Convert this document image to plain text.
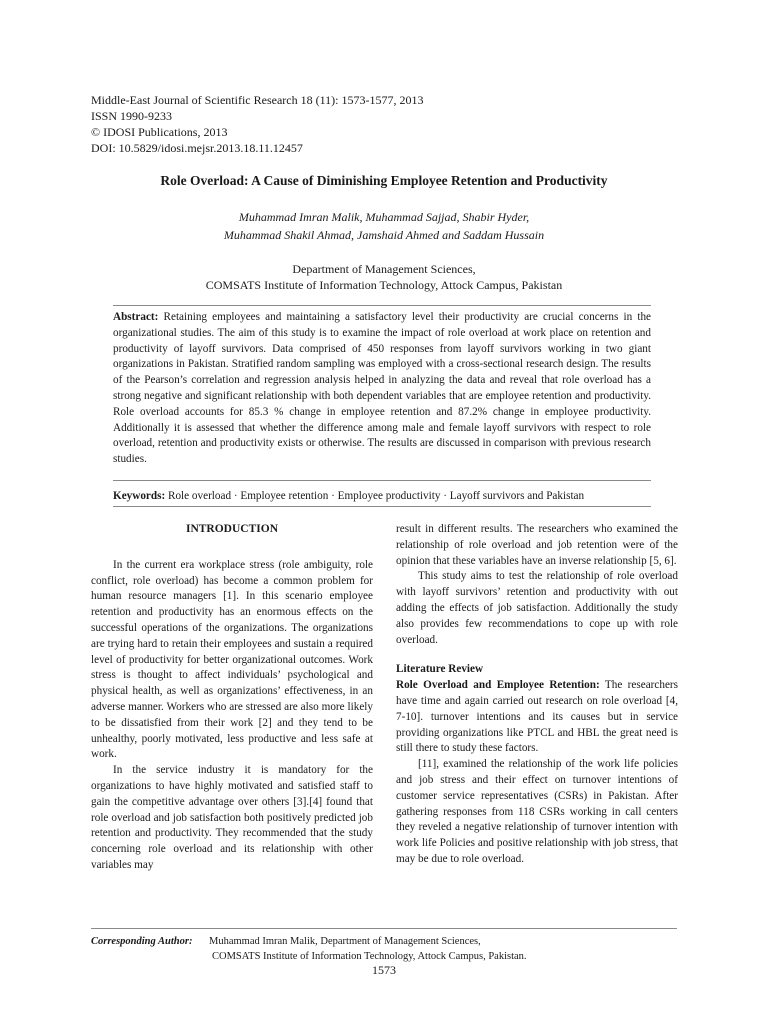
Middle-East Journal of Scientific Research 18 (11): 1573-1577, 2013
ISSN 1990-9233
© IDOSI Publications, 2013
DOI: 10.5829/idosi.mejsr.2013.18.11.12457
Role Overload: A Cause of Diminishing Employee Retention and Productivity
Muhammad Imran Malik, Muhammad Sajjad, Shabir Hyder,
Muhammad Shakil Ahmad, Jamshaid Ahmed and Saddam Hussain
Department of Management Sciences,
COMSATS Institute of Information Technology, Attock Campus, Pakistan
Abstract: Retaining employees and maintaining a satisfactory level their productivity are crucial concerns in the organizational studies. The aim of this study is to examine the impact of role overload at work place on retention and productivity of layoff survivors. Data comprised of 450 responses from layoff survivors working in two giant organizations in Pakistan. Stratified random sampling was employed with a cross-sectional research design. The results of the Pearson’s correlation and regression analysis helped in analyzing the data and reveal that role overload has a strong negative and significant relationship with both dependent variables that are employee retention and productivity. Role overload accounts for 85.3 % change in employee retention and 87.2% change in employee productivity. Additionally it is assessed that whether the difference among male and female layoff survivors with respect to role overload, retention and productivity exists or otherwise. The results are discussed in comparison with previous research studies.
Keywords: Role overload · Employee retention · Employee productivity · Layoff survivors and Pakistan
INTRODUCTION

In the current era workplace stress (role ambiguity, role conflict, role overload) has become a common problem for human resource managers [1]. In this scenario employee retention and productivity has an enormous effects on the successful operations of the organizations. The organizations are trying hard to retain their employees and sustain a required level of productivity for better organizational outcomes. Work stress is thought to affect individuals’ psychological and physical health, as well as organizations’ effectiveness, in an adverse manner. Workers who are stressed are also more likely to be dissatisfied from their work [2] and they tend to be unhealthy, poorly motivated, less productive and less safe at work.

In the service industry it is mandatory for the organizations to have highly motivated and satisfied staff to gain the competitive advantage over others [3].[4] found that role overload and job satisfaction both positively predicted job retention and productivity. They recommended that the study concerning role overload and its relationship with other variables may

result in different results. The researchers who examined the relationship of role overload and job retention were of the opinion that these variables have an inverse relationship [5, 6].

This study aims to test the relationship of role overload with layoff survivors’ retention and productivity with out adding the effects of job satisfaction. Additionally the study also provides few recommendations to cope up with role overload.

Literature Review

Role Overload and Employee Retention: The researchers have time and again carried out research on role overload [4, 7-10]. turnover intentions and its causes but in service providing organizations like PTCL and HBL the great need is still there to study these factors.

[11], examined the relationship of the work life policies and job stress and their effect on turnover intentions of customer service representatives (CSRs) in Pakistan. After gathering responses from 118 CSRs working in call centers they reveled a negative relationship of turnover intention with work life Policies and positive relationship with job stress, that may be due to role overload.

Corresponding Author: Muhammad Imran Malik, Department of Management Sciences,
COMSATS Institute of Information Technology, Attock Campus, Pakistan.
1573
